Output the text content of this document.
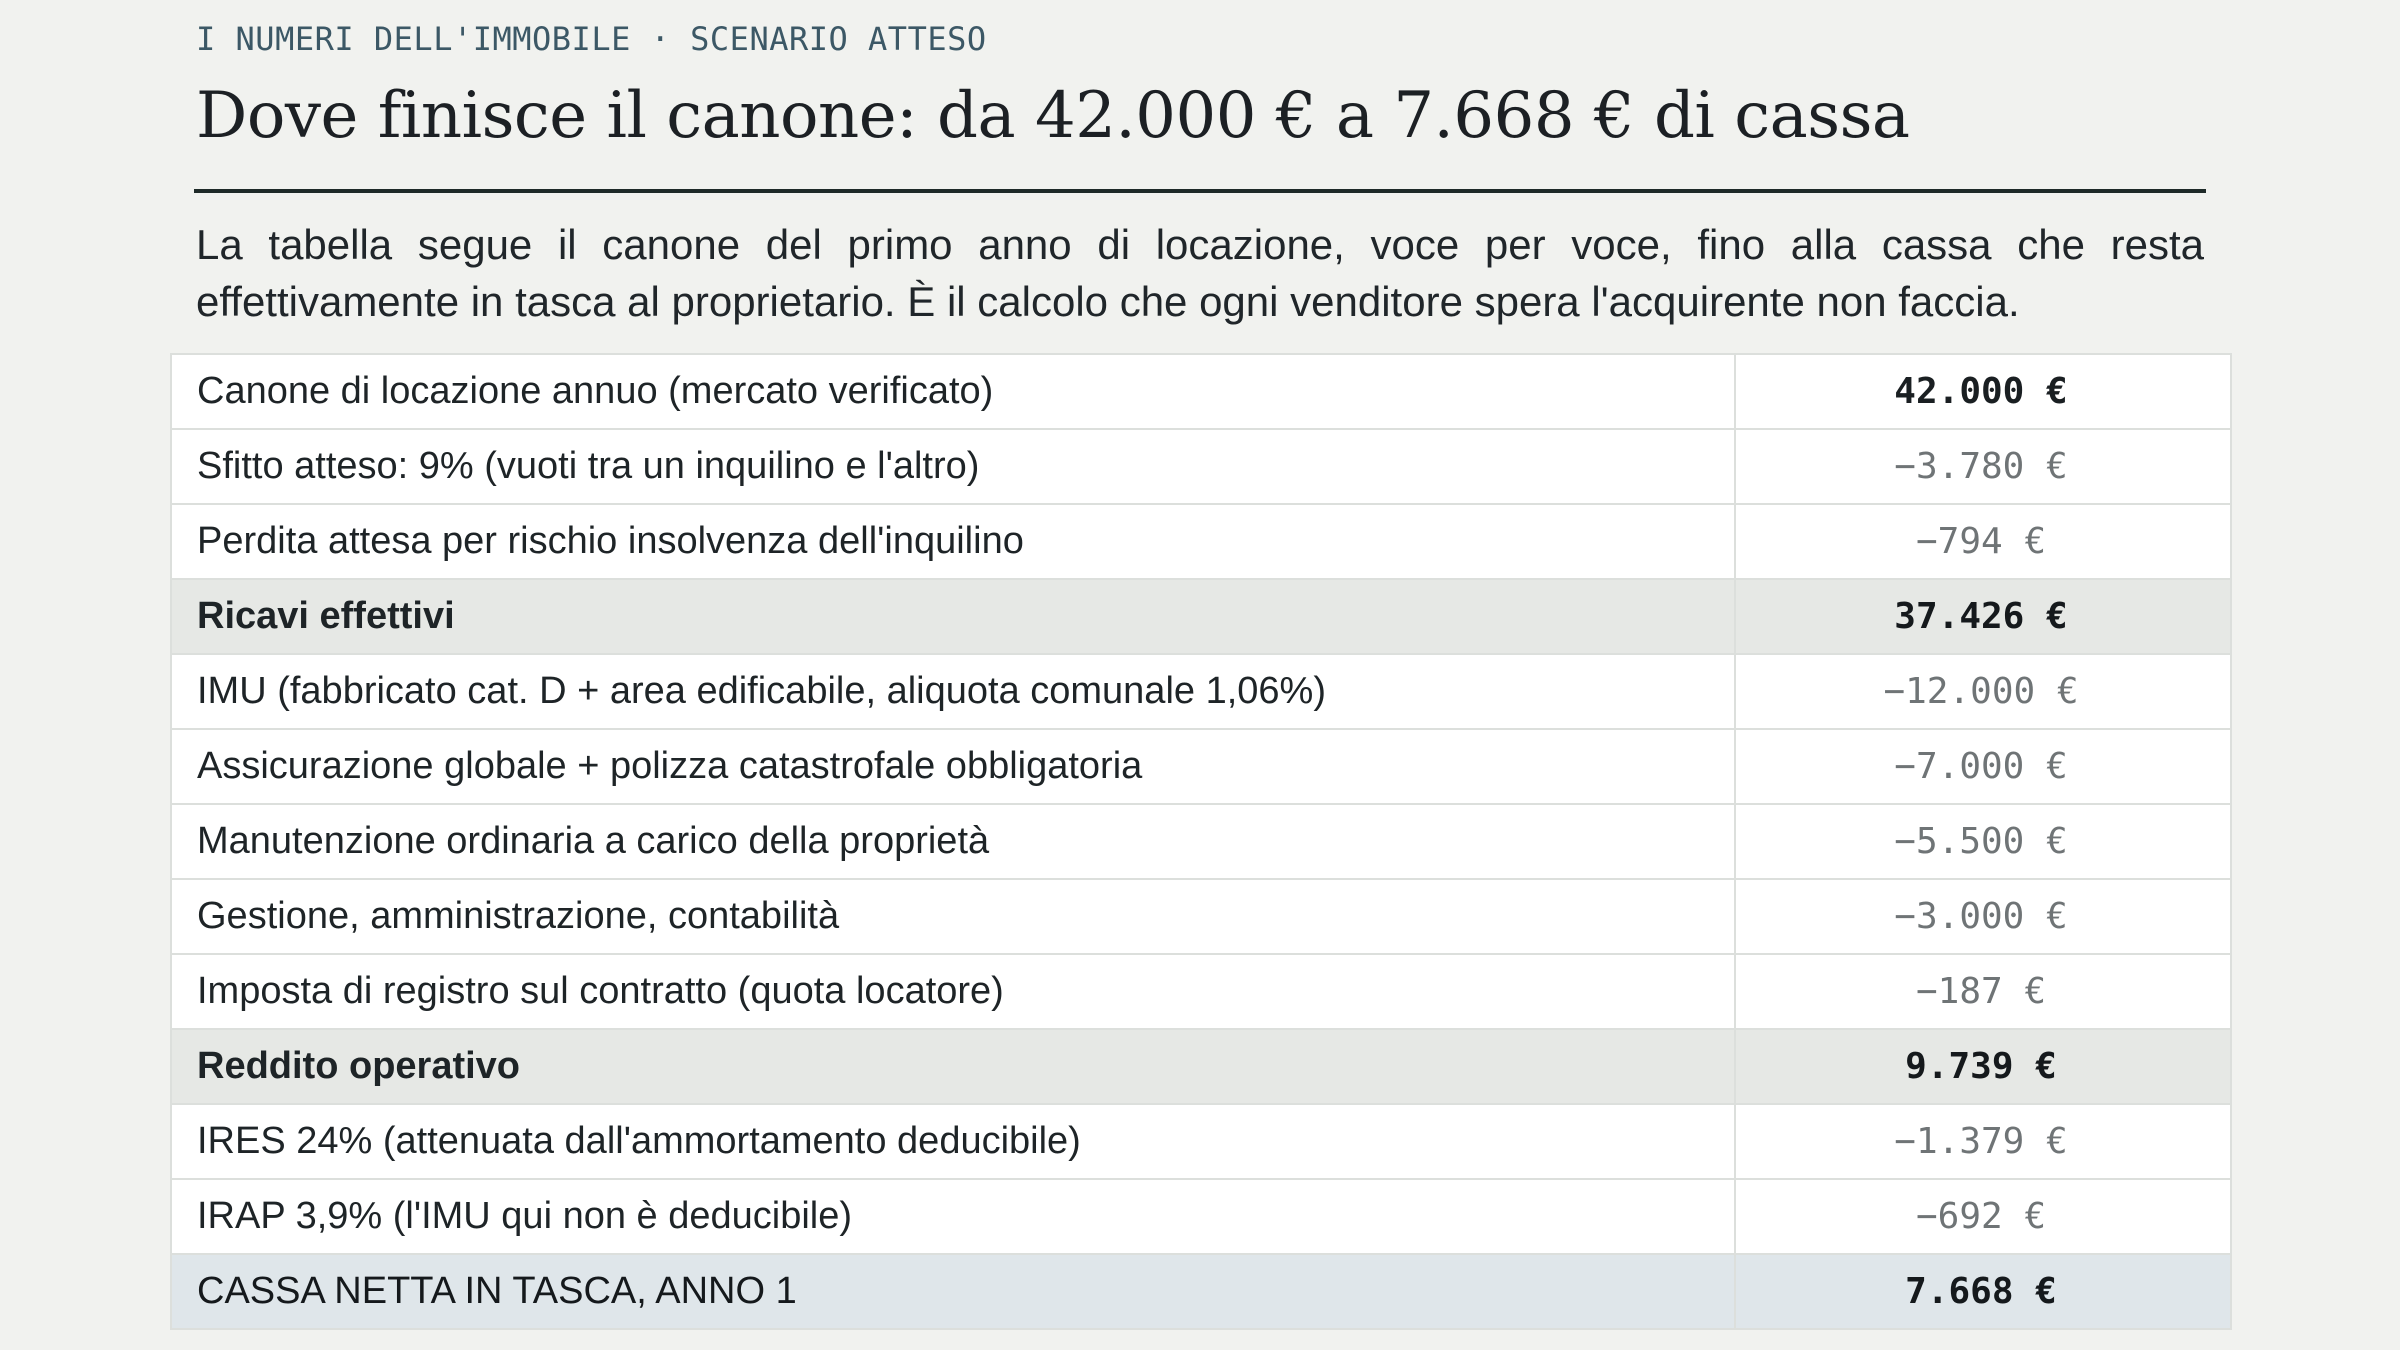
I NUMERI DELL'IMMOBILE · SCENARIO ATTESO
Dove finisce il canone: da 42.000 € a 7.668 € di cassa

La tabella segue il canone del primo anno di locazione, voce per voce, fino alla cassa che resta effettivamente in tasca al proprietario. È il calcolo che ogni venditore spera l'acquirente non faccia.

Canone di locazione annuo (mercato verificato)	42.000 €
Sfitto atteso: 9% (vuoti tra un inquilino e l'altro)	−3.780 €
Perdita attesa per rischio insolvenza dell'inquilino	−794 €
Ricavi effettivi	37.426 €
IMU (fabbricato cat. D + area edificabile, aliquota comunale 1,06%)	−12.000 €
Assicurazione globale + polizza catastrofale obbligatoria	−7.000 €
Manutenzione ordinaria a carico della proprietà	−5.500 €
Gestione, amministrazione, contabilità	−3.000 €
Imposta di registro sul contratto (quota locatore)	−187 €
Reddito operativo	9.739 €
IRES 24% (attenuata dall'ammortamento deducibile)	−1.379 €
IRAP 3,9% (l'IMU qui non è deducibile)	−692 €
CASSA NETTA IN TASCA, ANNO 1	7.668 €
